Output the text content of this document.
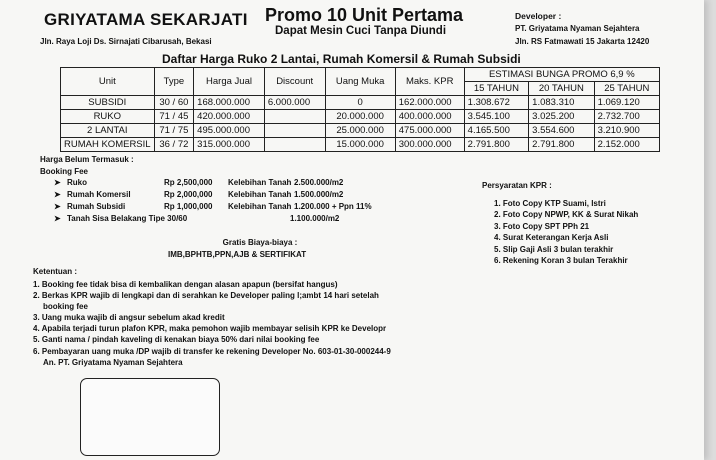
GRIYATAMA SEKARJATI
Jln. Raya Loji Ds. Sirnajati Cibarusah, Bekasi
Promo 10 Unit Pertama
Dapat Mesin Cuci Tanpa Diundi
Developer :
PT. Griyatama Nyaman Sejahtera
Jln. RS Fatmawati 15 Jakarta 12420
Daftar Harga Ruko 2 Lantai, Rumah Komersil & Rumah Subsidi
Unit	Type	Harga Jual	Discount	Uang Muka	Maks. KPR	ESTIMASI BUNGA PROMO 6,9 %		
						15 TAHUN	20 TAHUN	25 TAHUN
SUBSIDI	30 / 60	168.000.000	6.000.000	0	162.000.000	1.308.672	1.083.310	1.069.120
RUKO	71 / 45	420.000.000		20.000.000	400.000.000	3.545.100	3.025.200	2.732.700
2 LANTAI	71 / 75	495.000.000		25.000.000	475.000.000	4.165.500	3.554.600	3.210.900
RUMAH KOMERSIL	36 / 72	315.000.000		15.000.000	300.000.000	2.791.800	2.791.800	2.152.000
Harga Belum Termasuk :
Booking Fee
➤ Ruko	Rp 2,500,000 Kelebihan Tanah 2.500.000/m2
➤ Rumah Komersil	Rp 2,000,000 Kelebihan Tanah 1.500.000/m2
➤ Rumah Subsidi	Rp 1,000,000 Kelebihan Tanah 1.200.000 + Ppn 11%
➤ Tanah Sisa Belakang Tipe 30/60	1.100.000/m2
Persyaratan KPR :
1. Foto Copy KTP Suami, Istri
2. Foto Copy NPWP, KK & Surat Nikah
3. Foto Copy SPT PPh 21
4. Surat Keterangan Kerja Asli
5. Slip Gaji Asli 3 bulan terakhir
6. Rekening Koran 3 bulan Terakhir
Gratis Biaya-biaya :
IMB,BPHTB,PPN,AJB & SERTIFIKAT
Ketentuan :
1. Booking fee tidak bisa di kembalikan dengan alasan apapun (bersifat hangus)
2. Berkas KPR wajib di lengkapi dan di serahkan ke Developer paling l;ambt 14 hari setelah
booking fee
3. Uang muka wajib di angsur sebelum akad kredit
4. Apabila terjadi turun plafon KPR, maka pemohon wajib membayar selisih KPR ke Developr
5. Ganti nama / pindah kaveling di kenakan biaya 50% dari nilai booking fee
6. Pembayaran uang muka /DP wajib di transfer ke rekening Developer No. 603-01-30-000244-9
An. PT. Griyatama Nyaman Sejahtera
